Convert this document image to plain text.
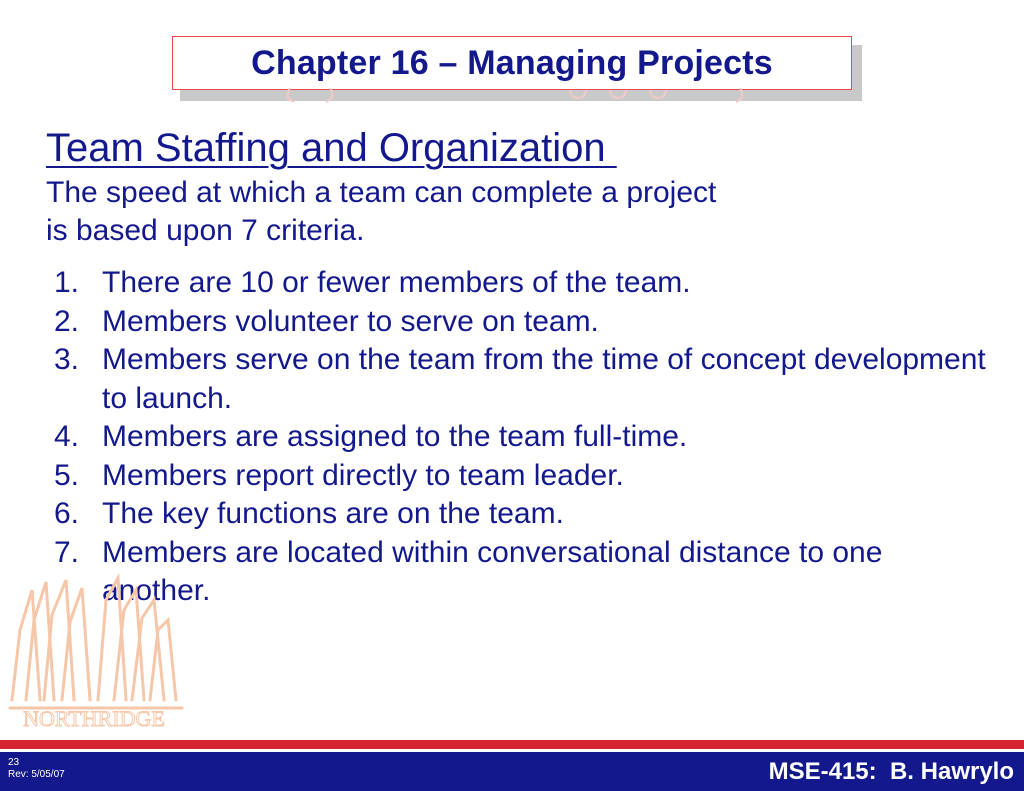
Chapter 16 – Managing Projects
Team Staffing and Organization
The speed at which a team can complete a project
is based upon 7 criteria.
1. There are 10 or fewer members of the team.
2. Members volunteer to serve on team.
3. Members serve on the team from the time of concept development to launch.
4. Members are assigned to the team full-time.
5. Members report directly to team leader.
6. The key functions are on the team.
7. Members are located within conversational distance to one another.
NORTHRIDGE
23
Rev: 5/05/07	MSE-415:  B. Hawrylo
